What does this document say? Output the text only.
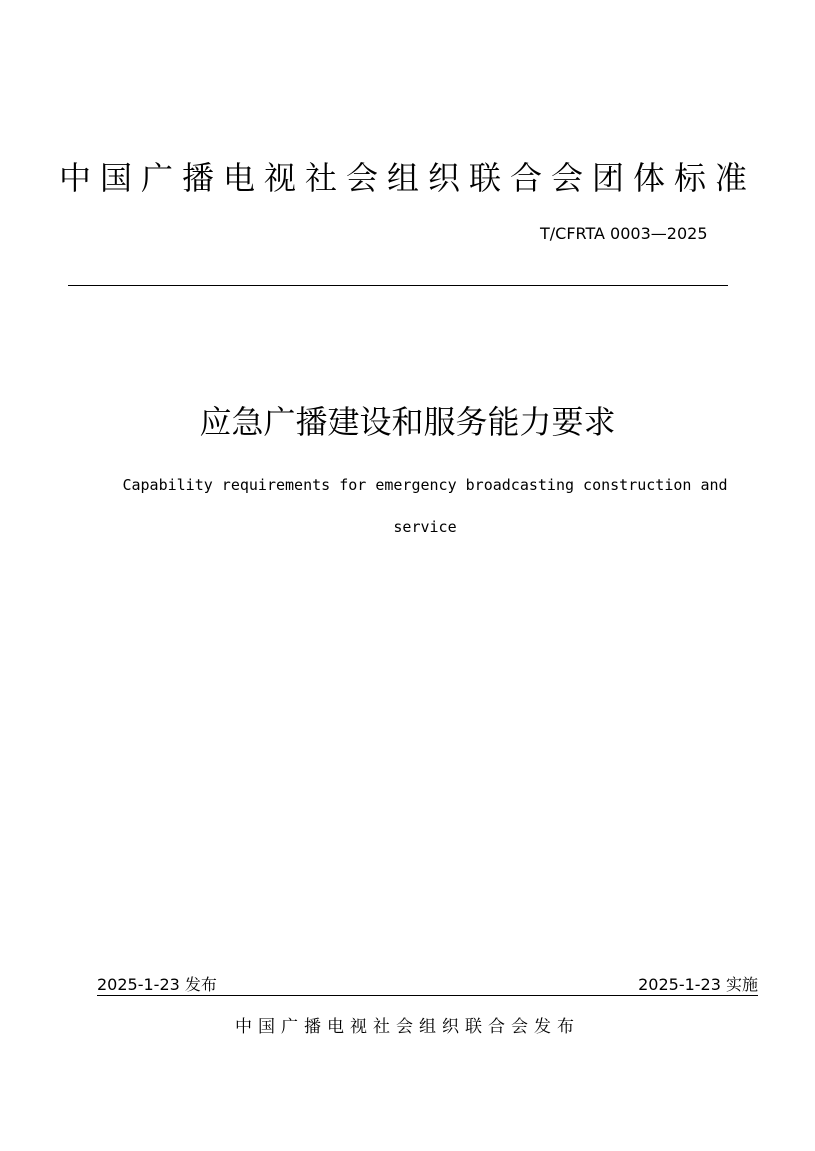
中国广播电视社会组织联合会团体标准
T/CFRTA 0003—2025
应急广播建设和服务能力要求
Capability requirements for emergency broadcasting construction and service
2025-1-23 发布	2025-1-23 实施
中国广播电视社会组织联合会发布
